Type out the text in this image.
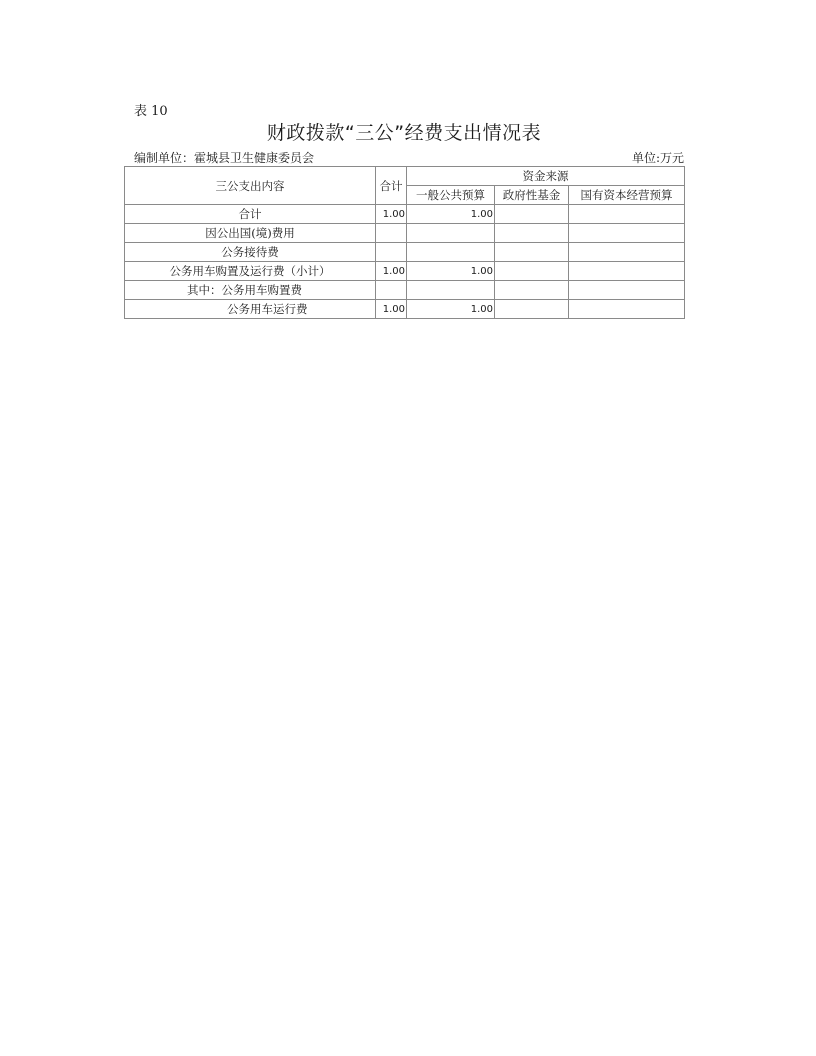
表 10
财政拨款“三公”经费支出情况表
编制单位：霍城县卫生健康委员会	单位:万元
三公支出内容	合计	资金来源		
		一般公共预算	政府性基金	国有资本经营预算
合计	1.00	1.00		
因公出国(境)费用				
公务接待费				
公务用车购置及运行费（小计）	1.00	1.00		
其中：公务用车购置费				
公务用车运行费	1.00	1.00		
